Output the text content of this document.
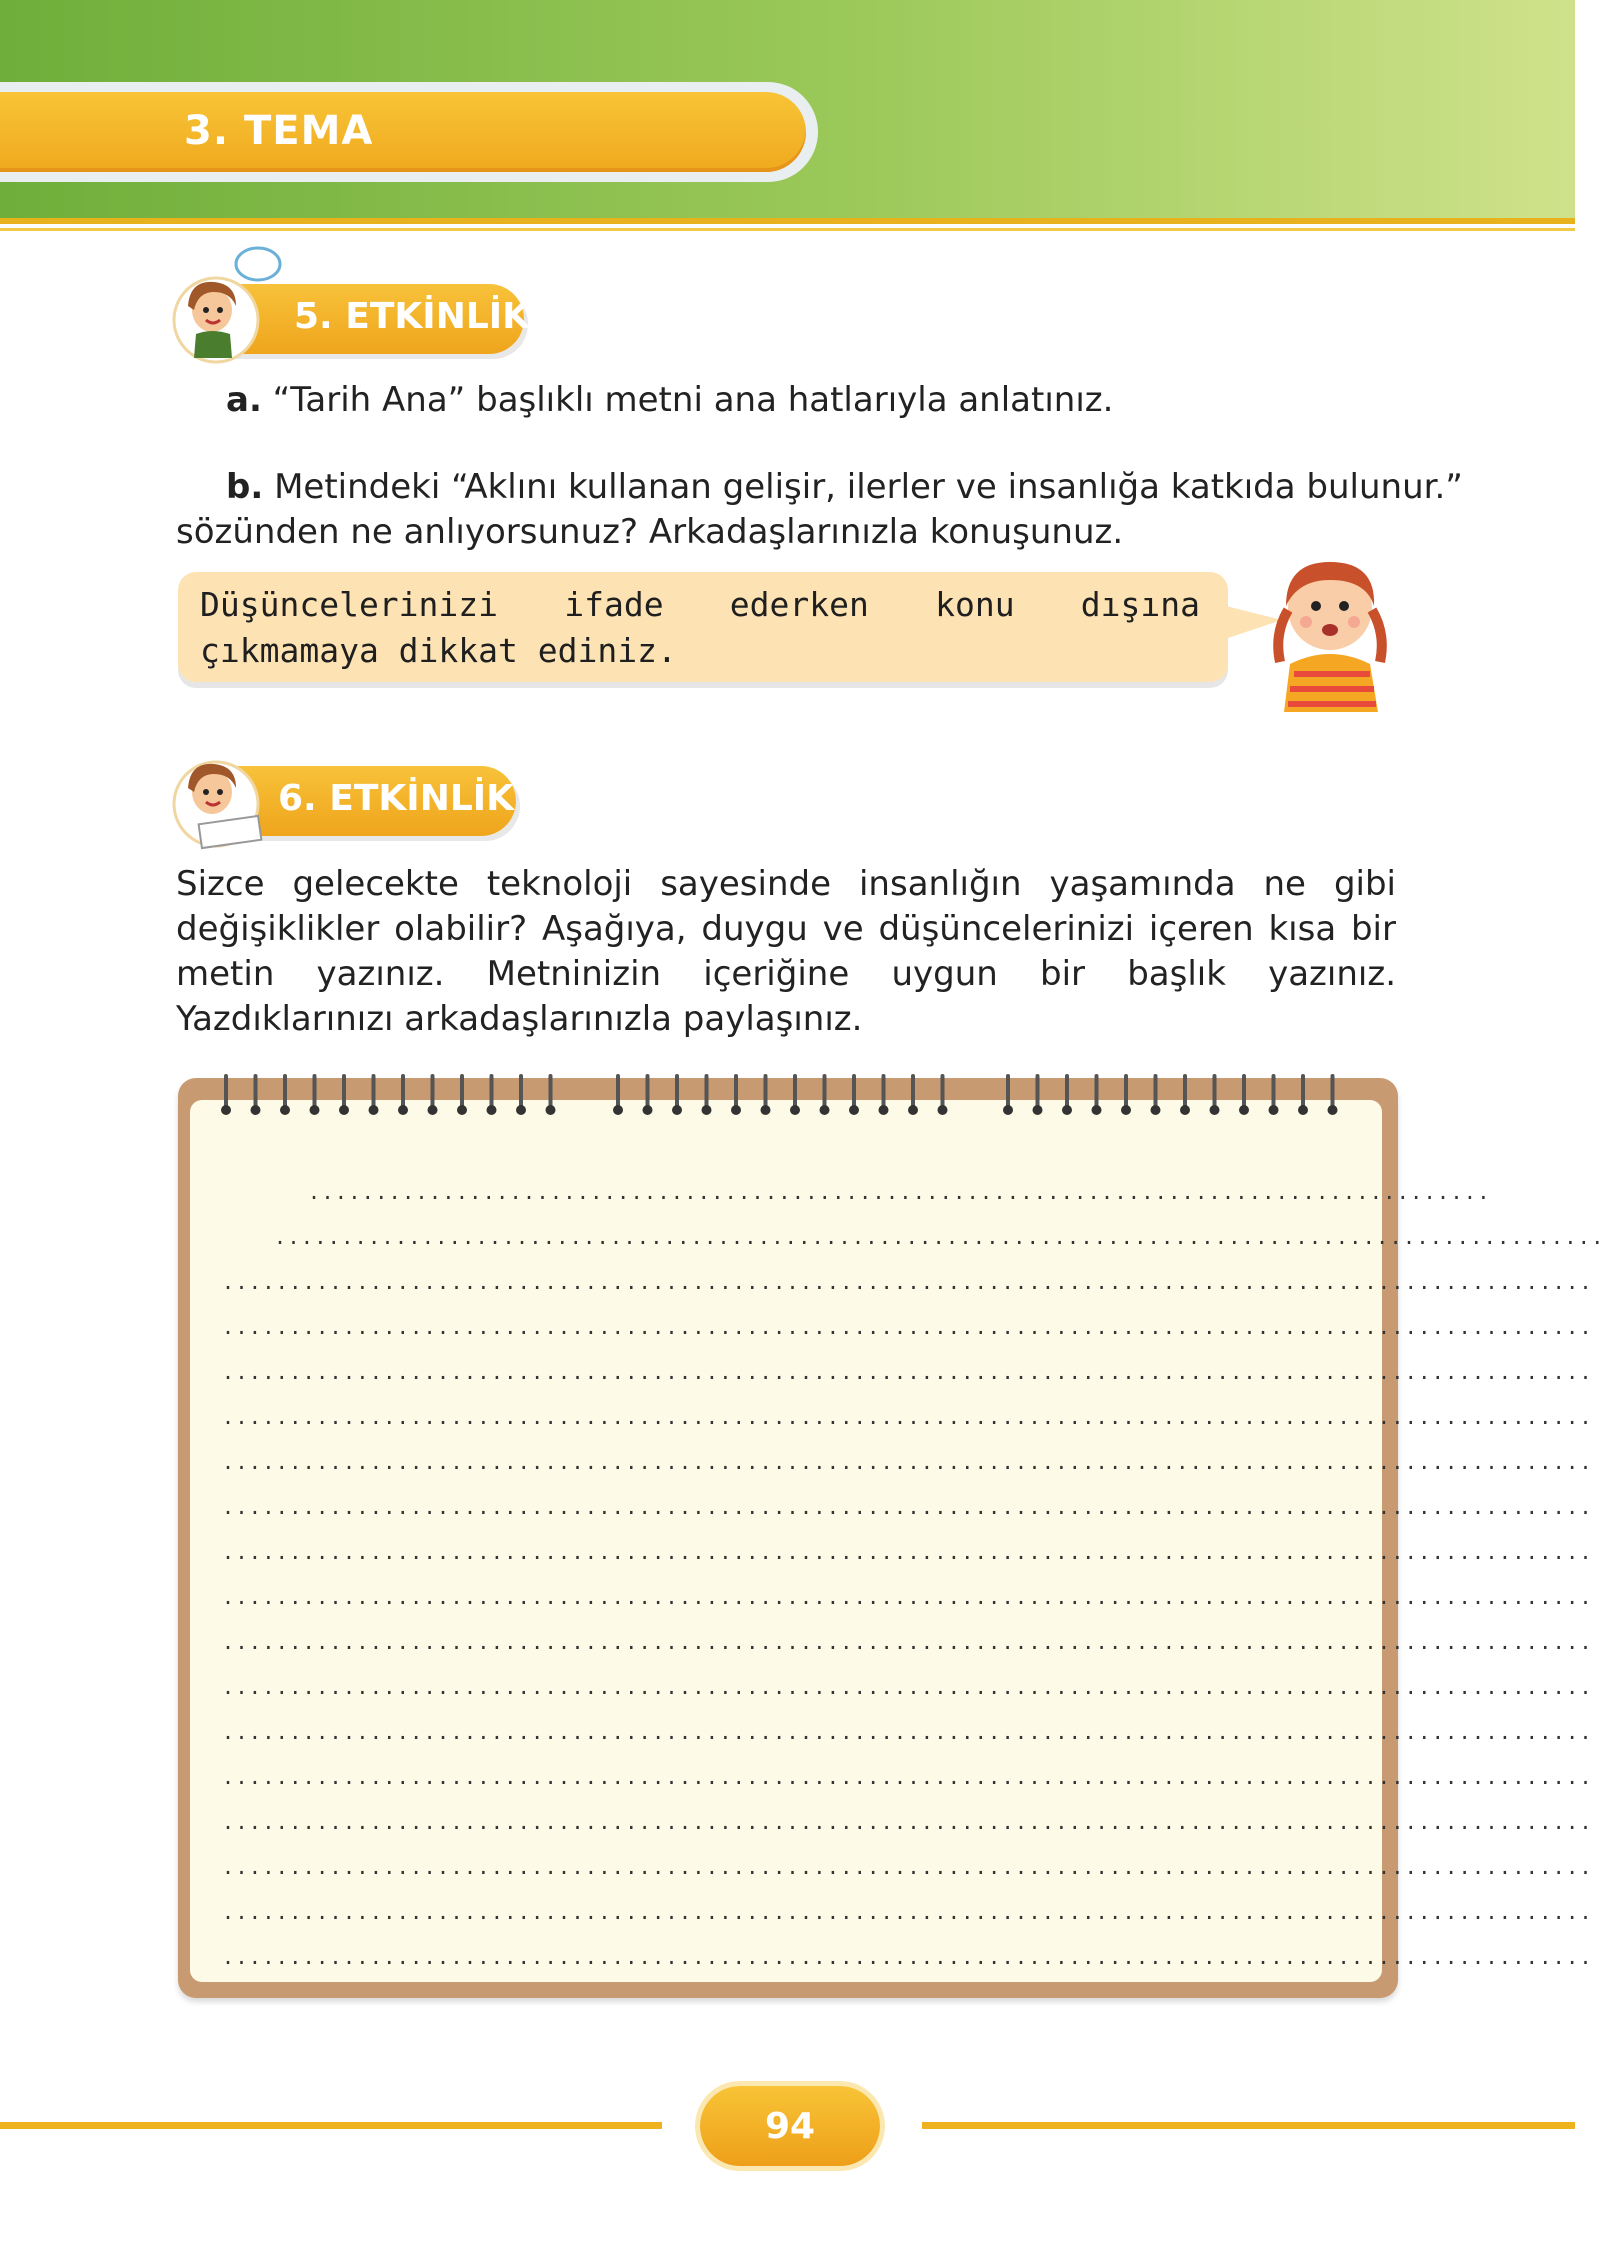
3. TEMA
5. ETKİNLİK
a. “Tarih Ana” başlıklı metni ana hatlarıyla anlatınız.
b. Metindeki “Aklını kullanan gelişir, ilerler ve insanlığa katkıda bulunur.”
sözünden ne anlıyorsunuz? Arkadaşlarınızla konuşunuz.
Düşüncelerinizi ifade ederken konu dışına çıkmamaya dikkat ediniz.
6. ETKİNLİK
Sizce gelecekte teknoloji sayesinde insanlığın yaşamında ne gibi değişiklikler olabilir? Aşağıya, duygu ve düşüncelerinizi içeren kısa bir metin yazınız. Metninizin içeriğine uygun bir başlık yazınız. Yazdıklarınızı arkadaşlarınızla paylaşınız.
........................................................................................
...................................................................................................
......................................................................................................
......................................................................................................
......................................................................................................
......................................................................................................
......................................................................................................
......................................................................................................
......................................................................................................
......................................................................................................
......................................................................................................
......................................................................................................
......................................................................................................
......................................................................................................
......................................................................................................
......................................................................................................
......................................................................................................
......................................................................................................
94
